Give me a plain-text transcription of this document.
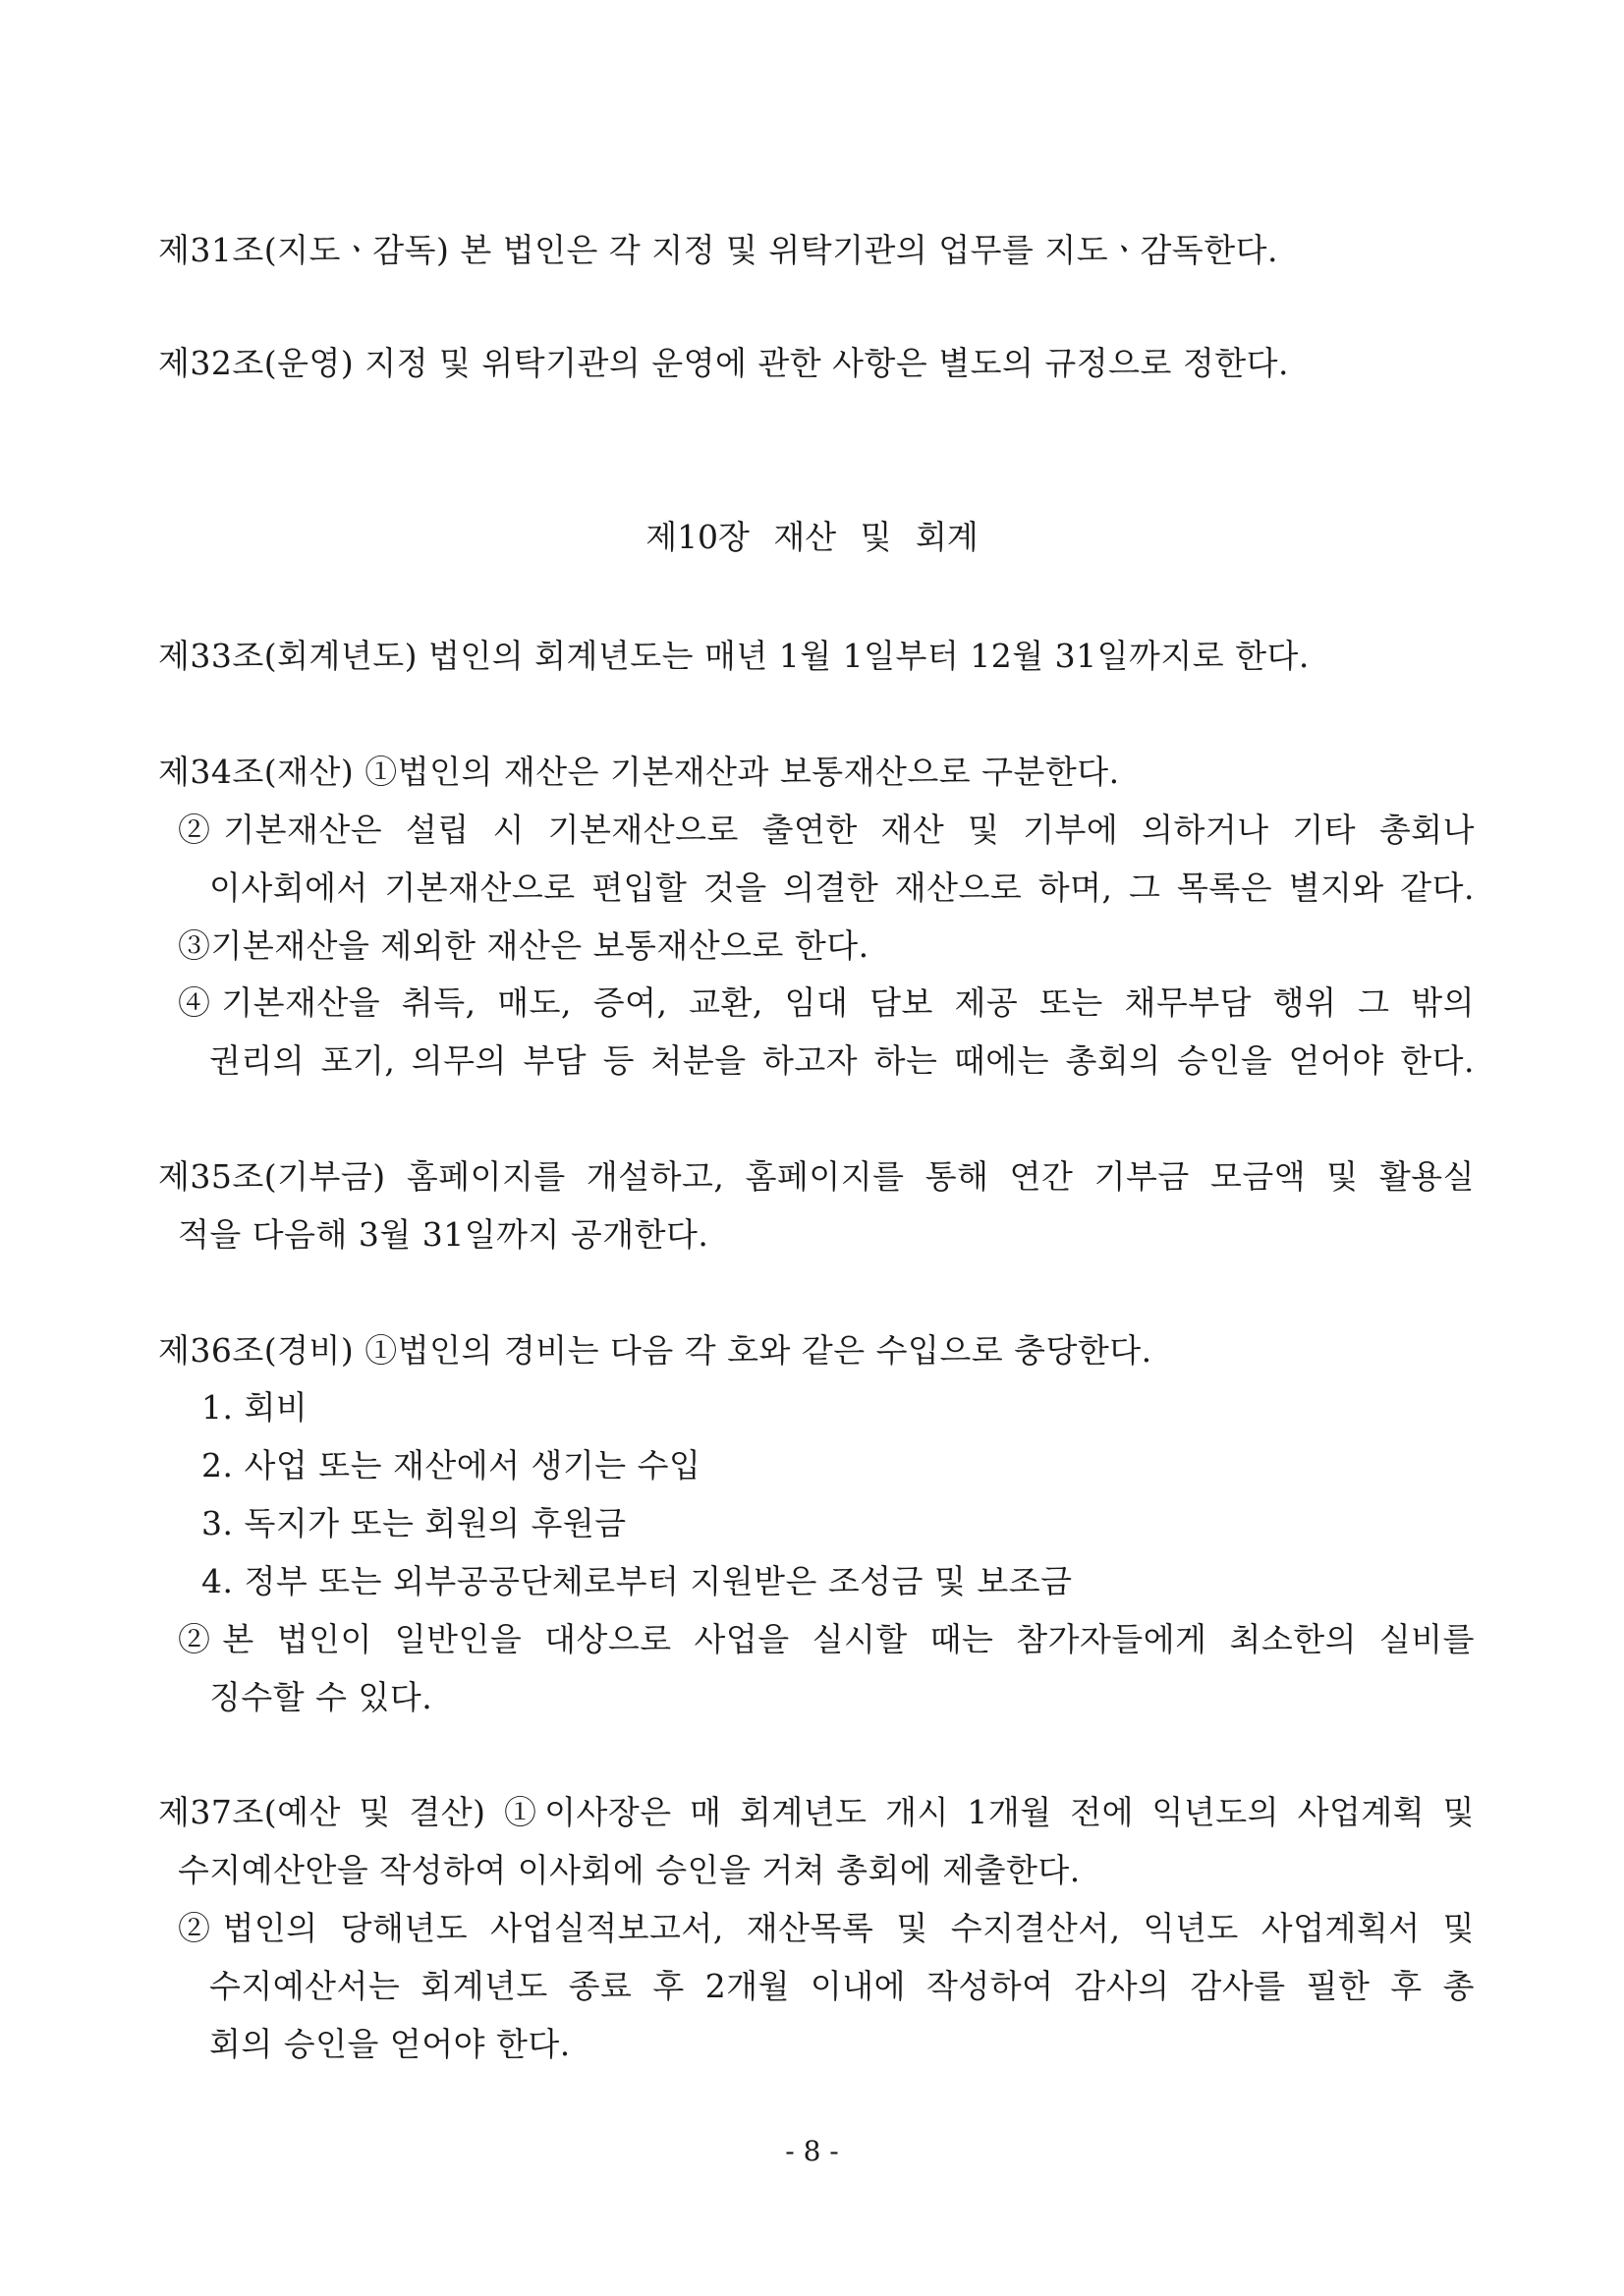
제31조(지도ㆍ감독) 본 법인은 각 지정 및 위탁기관의 업무를 지도ㆍ감독한다.
제32조(운영) 지정 및 위탁기관의 운영에 관한 사항은 별도의 규정으로 정한다.
제10장 재산 및 회계
제33조(회계년도) 법인의 회계년도는 매년 1월 1일부터 12월 31일까지로 한다.
제34조(재산) ①법인의 재산은 기본재산과 보통재산으로 구분한다.
②기본재산은 설립 시 기본재산으로 출연한 재산 및 기부에 의하거나 기타 총회나
이사회에서 기본재산으로 편입할 것을 의결한 재산으로 하며, 그 목록은 별지와 같다.
③기본재산을 제외한 재산은 보통재산으로 한다.
④기본재산을 취득, 매도, 증여, 교환, 임대 담보 제공 또는 채무부담 행위 그 밖의
권리의 포기, 의무의 부담 등 처분을 하고자 하는 때에는 총회의 승인을 얻어야 한다.
제35조(기부금) 홈페이지를 개설하고, 홈페이지를 통해 연간 기부금 모금액 및 활용실
적을 다음해 3월 31일까지 공개한다.
제36조(경비) ①법인의 경비는 다음 각 호와 같은 수입으로 충당한다.
1. 회비
2. 사업 또는 재산에서 생기는 수입
3. 독지가 또는 회원의 후원금
4. 정부 또는 외부공공단체로부터 지원받은 조성금 및 보조금
②본 법인이 일반인을 대상으로 사업을 실시할 때는 참가자들에게 최소한의 실비를
징수할 수 있다.
제37조(예산 및 결산) ①이사장은 매 회계년도 개시 1개월 전에 익년도의 사업계획 및
수지예산안을 작성하여 이사회에 승인을 거쳐 총회에 제출한다.
②법인의 당해년도 사업실적보고서, 재산목록 및 수지결산서, 익년도 사업계획서 및
수지예산서는 회계년도 종료 후 2개월 이내에 작성하여 감사의 감사를 필한 후 총
회의 승인을 얻어야 한다.
- 8 -
